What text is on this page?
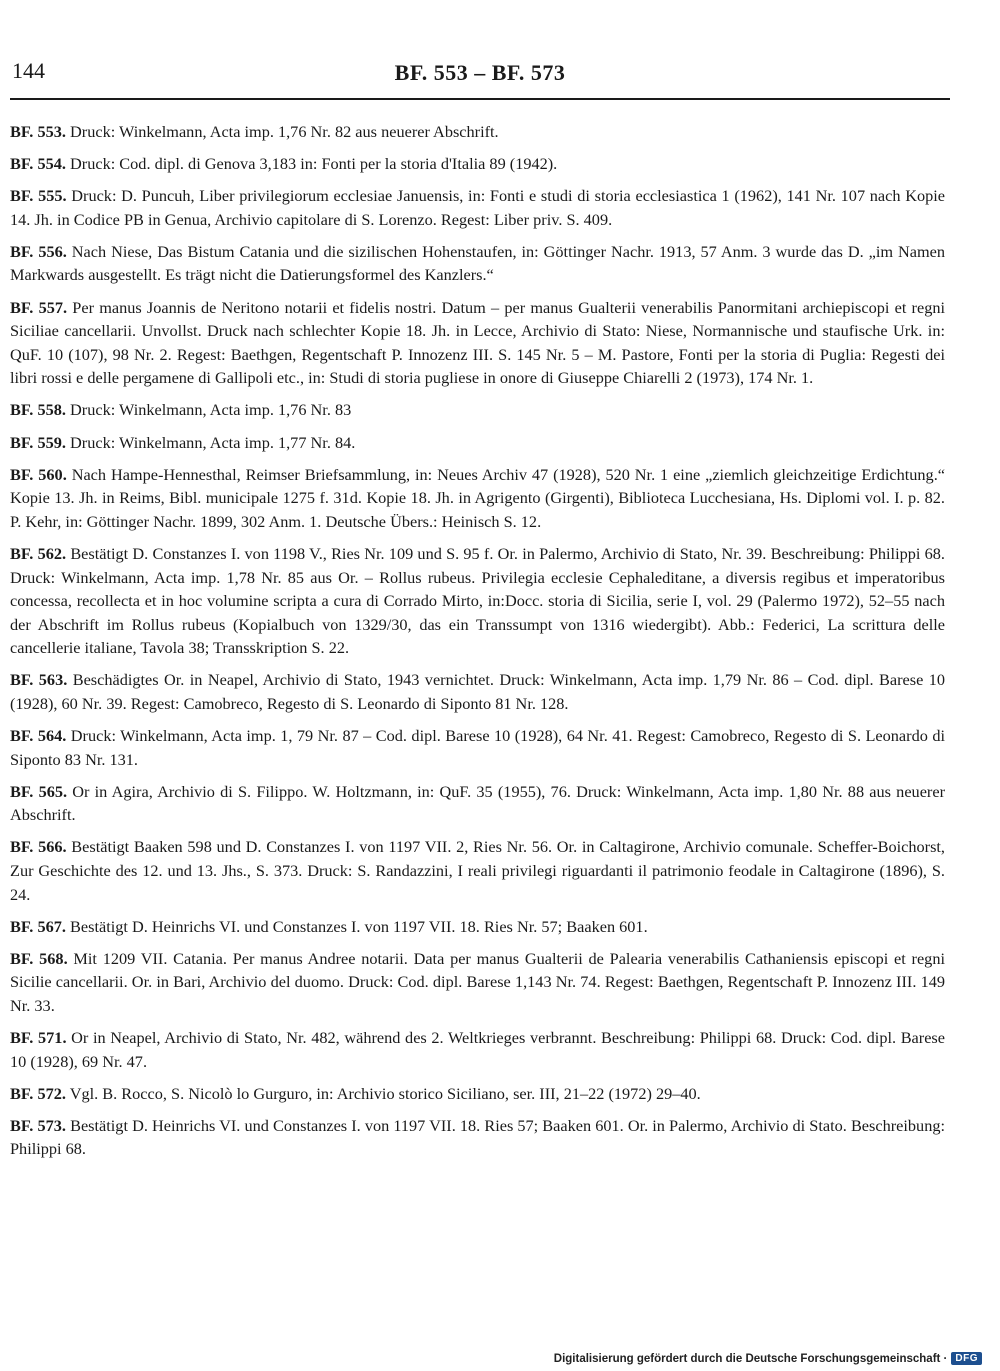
144	BF. 553 – BF. 573

BF. 553. Druck: Winkelmann, Acta imp. 1,76 Nr. 82 aus neuerer Abschrift.

BF. 554. Druck: Cod. dipl. di Genova 3,183 in: Fonti per la storia d'Italia 89 (1942).

BF. 555. Druck: D. Puncuh, Liber privilegiorum ecclesiae Januensis, in: Fonti e studi di storia ecclesiastica 1 (1962), 141 Nr. 107 nach Kopie 14. Jh. in Codice PB in Genua, Archivio capitolare di S. Lorenzo. Regest: Liber priv. S. 409.

BF. 556. Nach Niese, Das Bistum Catania und die sizilischen Hohenstaufen, in: Göttinger Nachr. 1913, 57 Anm. 3 wurde das D. „im Namen Markwards ausgestellt. Es trägt nicht die Datierungsformel des Kanzlers.“

BF. 557. Per manus Joannis de Neritono notarii et fidelis nostri. Datum – per manus Gualterii venerabilis Panormitani archiepiscopi et regni Siciliae cancellarii. Unvollst. Druck nach schlechter Kopie 18. Jh. in Lecce, Archivio di Stato: Niese, Normannische und staufische Urk. in: QuF. 10 (107), 98 Nr. 2. Regest: Baethgen, Regentschaft P. Innozenz III. S. 145 Nr. 5 – M. Pastore, Fonti per la storia di Puglia: Regesti dei libri rossi e delle pergamene di Gallipoli etc., in: Studi di storia pugliese in onore di Giuseppe Chiarelli 2 (1973), 174 Nr. 1.

BF. 558. Druck: Winkelmann, Acta imp. 1,76 Nr. 83

BF. 559. Druck: Winkelmann, Acta imp. 1,77 Nr. 84.

BF. 560. Nach Hampe-Hennesthal, Reimser Briefsammlung, in: Neues Archiv 47 (1928), 520 Nr. 1 eine „ziemlich gleichzeitige Erdichtung.“ Kopie 13. Jh. in Reims, Bibl. municipale 1275 f. 31d. Kopie 18. Jh. in Agrigento (Girgenti), Biblioteca Lucchesiana, Hs. Diplomi vol. I. p. 82. P. Kehr, in: Göttinger Nachr. 1899, 302 Anm. 1. Deutsche Übers.: Heinisch S. 12.

BF. 562. Bestätigt D. Constanzes I. von 1198 V., Ries Nr. 109 und S. 95 f. Or. in Palermo, Archivio di Stato, Nr. 39. Beschreibung: Philippi 68. Druck: Winkelmann, Acta imp. 1,78 Nr. 85 aus Or. – Rollus rubeus. Privilegia ecclesie Cephaleditane, a diversis regibus et imperatoribus concessa, recollecta et in hoc volumine scripta a cura di Corrado Mirto, in:Docc. storia di Sicilia, serie I, vol. 29 (Palermo 1972), 52–55 nach der Abschrift im Rollus rubeus (Kopialbuch von 1329/30, das ein Transsumpt von 1316 wiedergibt). Abb.: Federici, La scrittura delle cancellerie italiane, Tavola 38; Transskription S. 22.

BF. 563. Beschädigtes Or. in Neapel, Archivio di Stato, 1943 vernichtet. Druck: Winkelmann, Acta imp. 1,79 Nr. 86 – Cod. dipl. Barese 10 (1928), 60 Nr. 39. Regest: Camobreco, Regesto di S. Leonardo di Siponto 81 Nr. 128.

BF. 564. Druck: Winkelmann, Acta imp. 1, 79 Nr. 87 – Cod. dipl. Barese 10 (1928), 64 Nr. 41. Regest: Camobreco, Regesto di S. Leonardo di Siponto 83 Nr. 131.

BF. 565. Or in Agira, Archivio di S. Filippo. W. Holtzmann, in: QuF. 35 (1955), 76. Druck: Winkelmann, Acta imp. 1,80 Nr. 88 aus neuerer Abschrift.

BF. 566. Bestätigt Baaken 598 und D. Constanzes I. von 1197 VII. 2, Ries Nr. 56. Or. in Caltagirone, Archivio comunale. Scheffer-Boichorst, Zur Geschichte des 12. und 13. Jhs., S. 373. Druck: S. Randazzini, I reali privilegi riguardanti il patrimonio feodale in Caltagirone (1896), S. 24.

BF. 567. Bestätigt D. Heinrichs VI. und Constanzes I. von 1197 VII. 18. Ries Nr. 57; Baaken 601.

BF. 568. Mit 1209 VII. Catania. Per manus Andree notarii. Data per manus Gualterii de Palearia venerabilis Cathaniensis episcopi et regni Sicilie cancellarii. Or. in Bari, Archivio del duomo. Druck: Cod. dipl. Barese 1,143 Nr. 74. Regest: Baethgen, Regentschaft P. Innozenz III. 149 Nr. 33.

BF. 571. Or in Neapel, Archivio di Stato, Nr. 482, während des 2. Weltkrieges verbrannt. Beschreibung: Philippi 68. Druck: Cod. dipl. Barese 10 (1928), 69 Nr. 47.

BF. 572. Vgl. B. Rocco, S. Nicolò lo Gurguro, in: Archivio storico Siciliano, ser. III, 21–22 (1972) 29–40.

BF. 573. Bestätigt D. Heinrichs VI. und Constanzes I. von 1197 VII. 18. Ries 57; Baaken 601. Or. in Palermo, Archivio di Stato. Beschreibung: Philippi 68.

Digitalisierung gefördert durch die Deutsche Forschungsgemeinschaft · DFG
